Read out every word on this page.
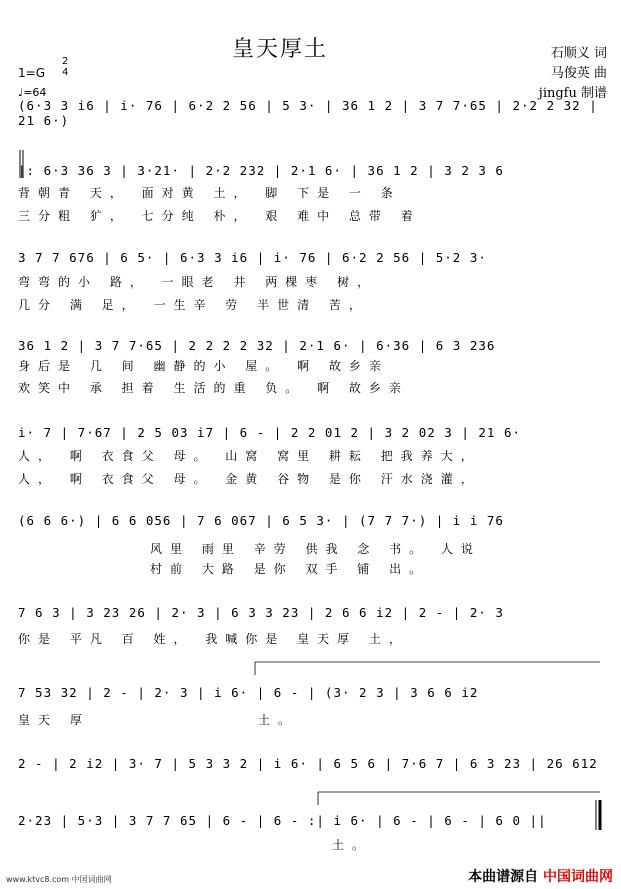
皇天厚土	石顺义 词
马俊英 曲
jingfu 制谱
1=G
2
4
♩=64
(6·3 3 i6 | i· 76 | 6·2 2 56 | 5 3· | 36 1 2 | 3 7 7·65 | 2·2 2 32 | 21 6·)
|: 6·3 36 3 | 3·21· | 2·2 232 | 2·1 6· | 36 1 2 | 3 2 3 6
背朝青 天， 面对黄 土， 脚 下是 一 条
三分粗 犷， 七分纯 朴， 艰 难中 总带 着
3 7 7 676 | 6 5· | 6·3 3 i6 | i· 76 | 6·2 2 56 | 5·2 3·
弯弯的小 路， 一眼老 井 两棵枣 树，
几分 满 足， 一生辛 劳 半世清 苦，
36 1 2 | 3 7 7·65 | 2 2 2 2 32 | 2·1 6· | 6·36 | 6 3 236
身后是 几 间 幽静的小 屋。 啊 故乡亲
欢笑中 承 担着 生活的重 负。 啊 故乡亲
i· 7 | 7·67 | 2 5 03 i7 | 6 - | 2 2 01 2 | 3 2 02 3 | 21 6·
人， 啊 衣食父 母。 山窝 窝里 耕耘 把我养大，
人， 啊 衣食父 母。 金黄 谷物 是你 汗水浇灌，
(6 6 6·) | 6 6 056 | 7 6 067 | 6 5 3· | (7 7 7·) | i i 76
风里 雨里 辛劳 供我 念 书。 人说
村前 大路 是你 双手 铺 出。
7 6 3 | 3 23 26 | 2· 3 | 6 3 3 23 | 2 6 6 i2 | 2 - | 2· 3
你是 平凡 百 姓， 我喊你是 皇天厚 土，
7 53 32 | 2 - | 2· 3 | i 6· | 6 - | (3· 2 3 | 3 6 6 i2
皇天 厚	土。
2 - | 2 i2 | 3· 7 | 5 3 3 2 | i 6· | 6 5 6 | 7·6 7 | 6 3 23 | 26 612
2·23 | 5·3 | 3 7 7 65 | 6 - | 6 - :| i 6· | 6 - | 6 - | 6 0 ||
土。
www.ktvc8.com 中国词曲网	本曲谱源自 中国词曲网
